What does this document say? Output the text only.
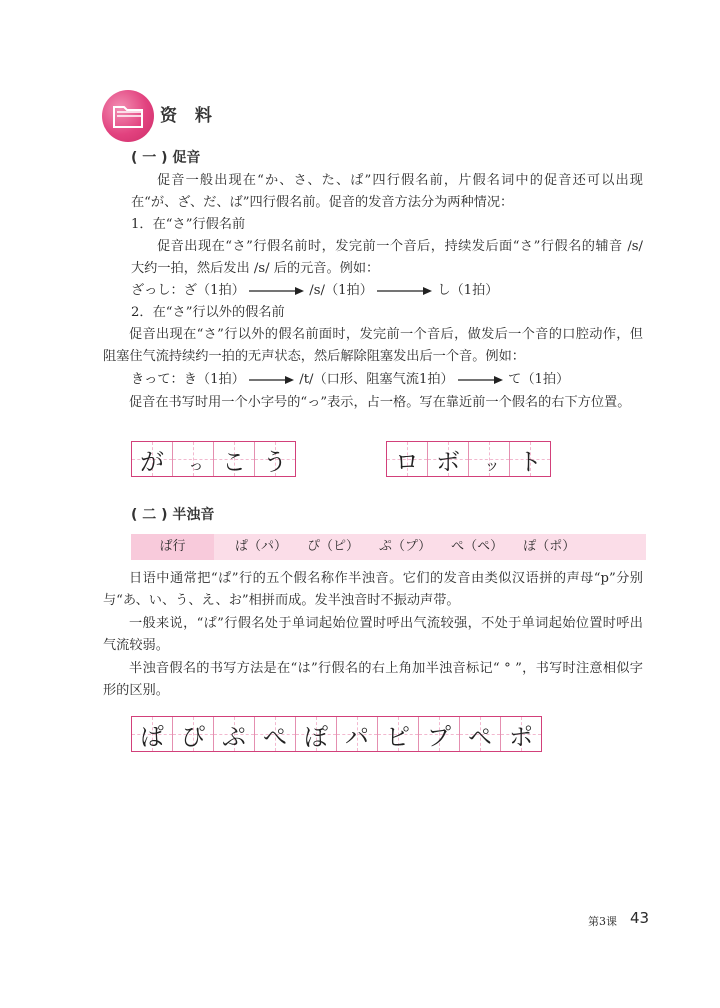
资 料
( 一 ) 促音
促音一般出现在“か、さ、た、ぱ”四行假名前，片假名词中的促音还可以出现在“が、ざ、だ、ば”四行假名前。促音的发音方法分为两种情况：
1．在“さ”行假名前
促音出现在“さ”行假名前时，发完前一个音后，持续发后面“さ”行假名的辅音 /s/ 大约一拍，然后发出 /s/ 后的元音。例如：
ざっし：ざ（1拍）	/s/（1拍）	し（1拍）
2．在“さ”行以外的假名前
促音出现在“さ”行以外的假名前面时，发完前一个音后，做发后一个音的口腔动作，但阻塞住气流持续约一拍的无声状态，然后解除阻塞发出后一个音。例如：
きって：き（1拍）	/t/（口形、阻塞气流1拍）	て（1拍）
促音在书写时用一个小字号的“っ”表示，占一格。写在靠近前一个假名的右下方位置。
が っ こ う	ロ ボ ッ ト
( 二 ) 半浊音
ぱ行	ぱ（パ） ぴ（ピ） ぷ（プ） ぺ（ペ） ぽ（ポ）
日语中通常把“ぱ”行的五个假名称作半浊音。它们的发音由类似汉语拼的声母“p”分别与“あ、い、う、え、お”相拼而成。发半浊音时不振动声带。
一般来说，“ぱ”行假名处于单词起始位置时呼出气流较强，不处于单词起始位置时呼出气流较弱。
半浊音假名的书写方法是在“は”行假名的右上角加半浊音标记“ ° ”，书写时注意相似字形的区别。
ぱ ぴ ぷ ぺ ぽ パ ピ プ ペ ポ
第3课 43
